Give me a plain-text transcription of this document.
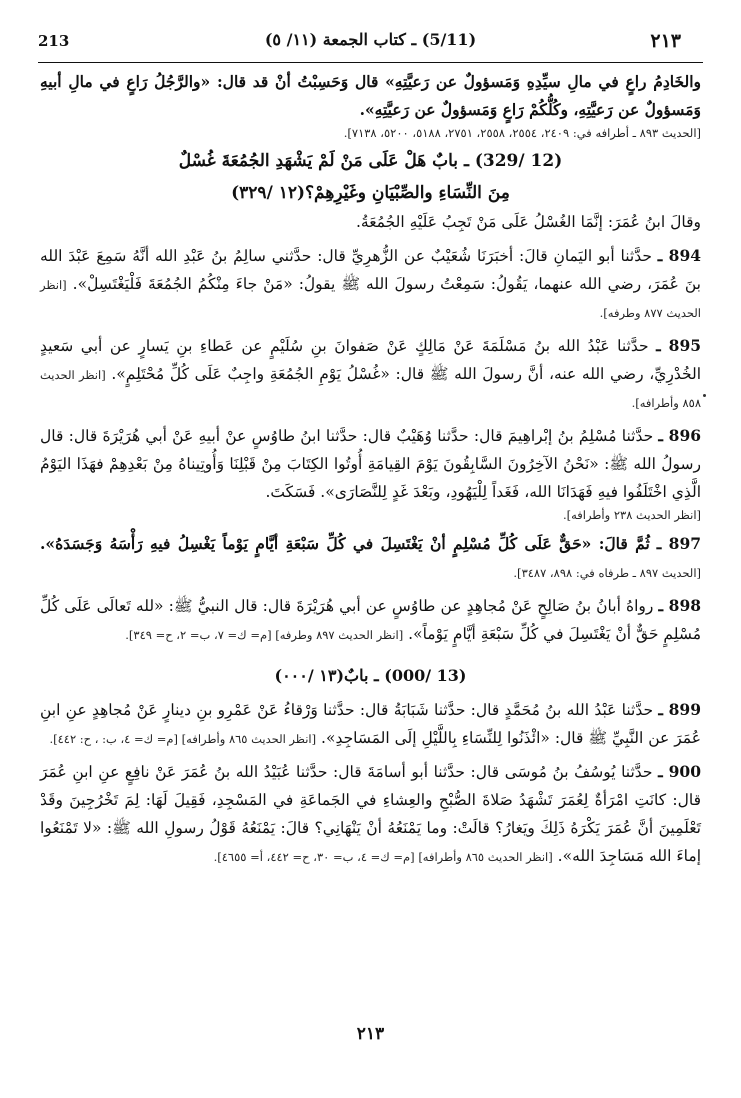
٢١٣
(5/11) ـ كتاب الجمعة (١١/ ٥)
213

والخَادِمُ راعٍ في مالِ سيِّدِهِ وَمَسؤولٌ عن رَعيَّتِهِ» قال وَحَسِبْتُ أنْ قد قال: «والرَّجُلُ رَاعٍ في مالِ أبيهِ وَمَسؤولٌ عن رَعيَّتِهِ، وكُلُّكُمْ رَاعٍ وَمَسؤولٌ عن رَعيَّتِهِ».

[الحديث ٨٩٣ ـ أطرافه في: ٢٤٠٩، ٢٥٥٤، ٢٥٥٨، ٢٧٥١، ٥١٨٨، ٥٢٠٠، ٧١٣٨].

(12 /329) ـ بابٌ هَلْ عَلَى مَنْ لَمْ يَشْهَدِ الجُمُعَةَ غُسْلٌ

مِنَ النِّسَاءِ والصِّبْيَانِ وغَيْرِهِمْ؟(١٢ /٣٢٩)

وقالَ ابنُ عُمَرَ: إنَّمَا الغُسْلُ عَلَى مَنْ تَجِبُ عَلَيْهِ الجُمُعَةُ.

894 ـ حدَّثنا أبو اليَمانِ قالَ: أخبَرَنَا شُعَيْبٌ عن الزُّهرِيِّ قال: حدَّثني سالِمُ بنُ عَبْدِ الله أنَّهُ سَمِعَ عَبْدَ الله بنَ عُمَرَ، رضي الله عنهما، يَقُولُ: سَمِعْتُ رسولَ الله ﷺ يقولُ: «مَنْ جاءَ مِنْكُمُ الجُمُعَةَ فَلْيَغْتَسِلْ». [انظر الحديث ٨٧٧ وطرفه].

895 ـ حدَّثنا عَبْدُ الله بنُ مَسْلَمَةَ عَنْ مَالِكٍ عَنْ صَفوانَ بنِ سُلَيْمٍ عن عَطاءِ بنِ يَسارٍ عن أبي سَعيدٍ الخُدْرِيِّ، رضي الله عنه، أنَّ رسولَ الله ﷺ قال: «غُسْلُ يَوْمِ الجُمُعَةِ واجِبٌ عَلَى كُلِّ مُحْتَلِمٍ». [انظر الحديث ٨٥٨ وأطرافه].

896 ـ حدَّثنا مُسْلِمُ بنُ إبْراهِيمَ قال: حدَّثنا وُهَيْبٌ قال: حدَّثنا ابنُ طاوُسٍ عنْ أبيهِ عَنْ أبي هُرَيْرَةَ قال: قال رسولُ الله ﷺ: «نَحْنُ الآخِرُونَ السَّابِقُونَ يَوْمَ القِيامَةِ أُوتُوا الكِتَابَ مِنْ قَبْلِنَا وَأُوتِيناهُ مِنْ بَعْدِهِمْ فهَذَا اليَوْمُ الَّذِي اخْتَلَفُوا فيهِ فَهَدَانَا الله، فَغَداً لِلْيَهُودِ، وبَعْدَ غَدٍ لِلنَّصَارَى». فَسَكَتَ.

[انظر الحديث ٢٣٨ وأطرافه].

897 ـ ثُمَّ قالَ: «حَقٌّ عَلَى كُلِّ مُسْلِمٍ أنْ يَغْتَسِلَ في كُلِّ سَبْعَةِ أيَّامٍ يَوْماً يَغْسِلُ فيهِ رَأْسَهُ وَجَسَدَهُ». [الحديث ٨٩٧ ـ طرفاه في: ٨٩٨، ٣٤٨٧].

898 ـ رواهُ أبانُ بنُ صَالِحٍ عَنْ مُجاهِدٍ عن طاوُسٍ عن أبي هُرَيْرَةَ قال: قال النبيُّ ﷺ: «لله تَعالَى عَلَى كُلِّ مُسْلِمٍ حَقٌّ أنْ يَغْتَسِلَ في كُلِّ سَبْعَةِ أيَّامٍ يَوْماً». [انظر الحديث ٨٩٧ وطرفه] [م= ك= ٧، ب= ٢، ح= ٣٤٩].

(13 /000) ـ بابٌ(١٣ /٠٠٠)

899 ـ حدَّثنا عَبْدُ الله بنُ مُحَمَّدٍ قال: حدَّثنا شَبَابَةُ قال: حدَّثنا وَرْقاءُ عَنْ عَمْرِو بنِ دينارٍ عَنْ مُجاهِدٍ عنِ ابنِ عُمَرَ عن النَّبِيِّ ﷺ قال: «ائْذَنُوا لِلنِّسَاءِ بِاللَّيْلِ إلَى المَسَاجِدِ». [انظر الحديث ٨٦٥ وأطرافه] [م= ك= ٤، ب: ، ح: ٤٤٢].

900 ـ حدَّثنا يُوسُفُ بنُ مُوسَى قال: حدَّثنا أبو أسامَةَ قال: حدَّثنا عُبَيْدُ الله بنُ عُمَرَ عَنْ نافِعٍ عنِ ابنِ عُمَرَ قال: كانَتِ امْرَأةٌ لِعُمَرَ تَشْهَدُ صَلاةَ الصُّبْحِ والعِشاءِ في الجَماعَةِ في المَسْجِدِ، فَقِيلَ لَهَا: لِمَ تَخْرُجِينَ وقَدْ تَعْلَمِينَ أنَّ عُمَرَ يَكْرَهُ ذَلِكَ ويَغارُ؟ قالَتْ: وما يَمْنَعُهُ أنْ يَنْهَانِي؟ قالَ: يَمْنَعُهُ قَوْلُ رسولِ الله ﷺ: «لا تَمْنَعُوا إماءَ الله مَسَاجِدَ الله». [انظر الحديث ٨٦٥ وأطرافه] [م= ك= ٤، ب= ٣٠، ح= ٤٤٢، أ= ٤٦٥٥].

٢١٣
